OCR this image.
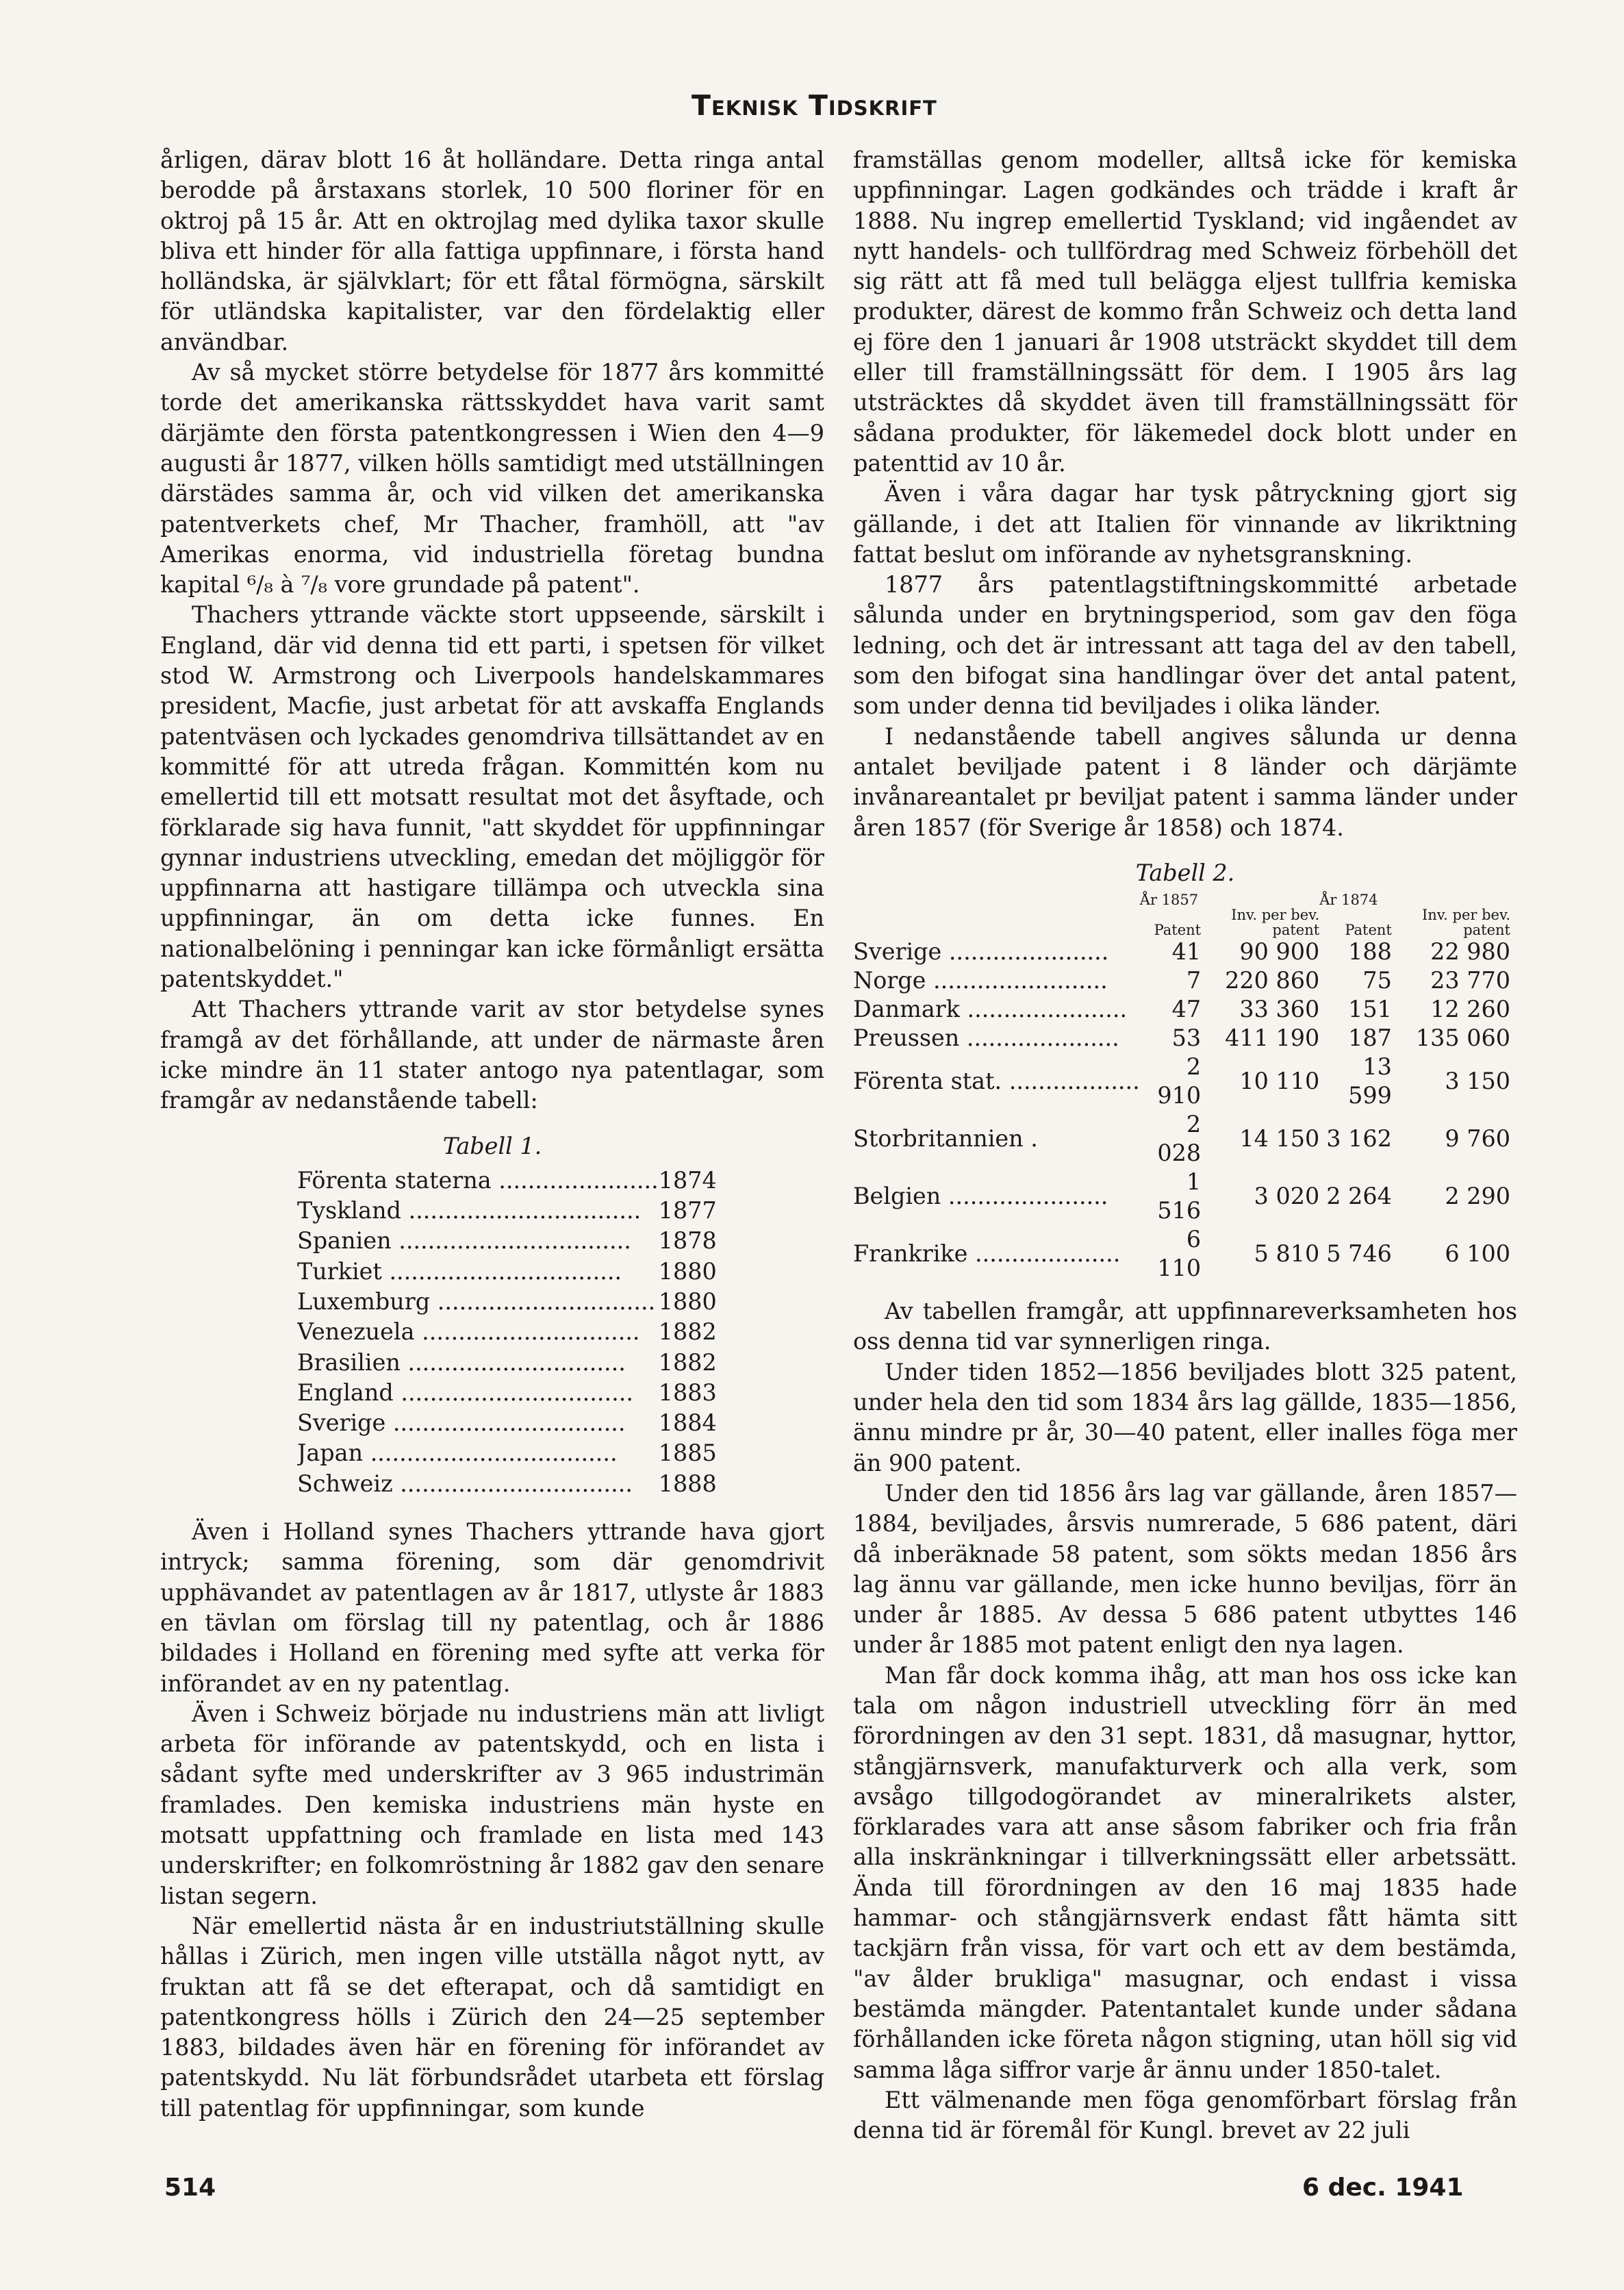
Teknisk Tidskrift

årligen, därav blott 16 åt holländare. Detta ringa antal berodde på årstaxans storlek, 10 500 floriner för en oktroj på 15 år. Att en oktrojlag med dylika taxor skulle bliva ett hinder för alla fattiga uppfinnare, i första hand holländska, är självklart; för ett fåtal förmögna, särskilt för utländska kapitalister, var den fördelaktig eller användbar.

Av så mycket större betydelse för 1877 års kommitté torde det amerikanska rättsskyddet hava varit samt därjämte den första patentkongressen i Wien den 4—9 augusti år 1877, vilken hölls samtidigt med utställningen därstädes samma år, och vid vilken det amerikanska patentverkets chef, Mr Thacher, framhöll, att "av Amerikas enorma, vid industriella företag bundna kapital ⁶/₈ à ⁷/₈ vore grundade på patent".

Thachers yttrande väckte stort uppseende, särskilt i England, där vid denna tid ett parti, i spetsen för vilket stod W. Armstrong och Liverpools handelskammares president, Macfie, just arbetat för att avskaffa Englands patentväsen och lyckades genomdriva tillsättandet av en kommitté för att utreda frågan. Kommittén kom nu emellertid till ett motsatt resultat mot det åsyftade, och förklarade sig hava funnit, "att skyddet för uppfinningar gynnar industriens utveckling, emedan det möjliggör för uppfinnarna att hastigare tillämpa och utveckla sina uppfinningar, än om detta icke funnes. En nationalbelöning i penningar kan icke förmånligt ersätta patentskyddet."

Att Thachers yttrande varit av stor betydelse synes framgå av det förhållande, att under de närmaste åren icke mindre än 11 stater antogo nya patentlagar, som framgår av nedanstående tabell:

Tabell 1.
Förenta staterna ......................	1874
Tyskland ................................	1877
Spanien ................................	1878
Turkiet ................................	1880
Luxemburg ..............................	1880
Venezuela ..............................	1882
Brasilien ..............................	1882
England ................................	1883
Sverige ................................	1884
Japan ..................................	1885
Schweiz ................................	1888

Även i Holland synes Thachers yttrande hava gjort intryck; samma förening, som där genomdrivit upphävandet av patentlagen av år 1817, utlyste år 1883 en tävlan om förslag till ny patentlag, och år 1886 bildades i Holland en förening med syfte att verka för införandet av en ny patentlag.

Även i Schweiz började nu industriens män att livligt arbeta för införande av patentskydd, och en lista i sådant syfte med underskrifter av 3 965 industrimän framlades. Den kemiska industriens män hyste en motsatt uppfattning och framlade en lista med 143 underskrifter; en folkomröstning år 1882 gav den senare listan segern.

När emellertid nästa år en industriutställning skulle hållas i Zürich, men ingen ville utställa något nytt, av fruktan att få se det efterapat, och då samtidigt en patentkongress hölls i Zürich den 24—25 september 1883, bildades även här en förening för införandet av patentskydd. Nu lät förbundsrådet utarbeta ett förslag till patentlag för uppfinningar, som kunde

framställas genom modeller, alltså icke för kemiska uppfinningar. Lagen godkändes och trädde i kraft år 1888. Nu ingrep emellertid Tyskland; vid ingåendet av nytt handels- och tullfördrag med Schweiz förbehöll det sig rätt att få med tull belägga eljest tullfria kemiska produkter, därest de kommo från Schweiz och detta land ej före den 1 januari år 1908 utsträckt skyddet till dem eller till framställningssätt för dem. I 1905 års lag utsträcktes då skyddet även till framställningssätt för sådana produkter, för läkemedel dock blott under en patenttid av 10 år.

Även i våra dagar har tysk påtryckning gjort sig gällande, i det att Italien för vinnande av likriktning fattat beslut om införande av nyhetsgranskning.

1877 års patentlagstiftningskommitté arbetade sålunda under en brytningsperiod, som gav den föga ledning, och det är intressant att taga del av den tabell, som den bifogat sina handlingar över det antal patent, som under denna tid beviljades i olika länder.

I nedanstående tabell angives sålunda ur denna antalet beviljade patent i 8 länder och därjämte invånareantalet pr beviljat patent i samma länder under åren 1857 (för Sverige år 1858) och 1874.

Tabell 2.
	År 1857		År 1874	
	Patent	Inv. per bev. patent	Patent	Inv. per bev. patent
Sverige ......................	41	90 900	188	22 980
Norge ........................	7	220 860	75	23 770
Danmark ......................	47	33 360	151	12 260
Preussen .....................	53	411 190	187	135 060
Förenta stat. ..................	2 910	10 110	13 599	3 150
Storbritannien .	2 028	14 150	3 162	9 760
Belgien ......................	1 516	3 020	2 264	2 290
Frankrike ....................	6 110	5 810	5 746	6 100

Av tabellen framgår, att uppfinnareverksamheten hos oss denna tid var synnerligen ringa.

Under tiden 1852—1856 beviljades blott 325 patent, under hela den tid som 1834 års lag gällde, 1835—1856, ännu mindre pr år, 30—40 patent, eller inalles föga mer än 900 patent.

Under den tid 1856 års lag var gällande, åren 1857—1884, beviljades, årsvis numrerade, 5 686 patent, däri då inberäknade 58 patent, som sökts medan 1856 års lag ännu var gällande, men icke hunno beviljas, förr än under år 1885. Av dessa 5 686 patent utbyttes 146 under år 1885 mot patent enligt den nya lagen.

Man får dock komma ihåg, att man hos oss icke kan tala om någon industriell utveckling förr än med förordningen av den 31 sept. 1831, då masugnar, hyttor, stångjärnsverk, manufakturverk och alla verk, som avsågo tillgodogörandet av mineralrikets alster, förklarades vara att anse såsom fabriker och fria från alla inskränkningar i tillverkningssätt eller arbetssätt. Ända till förordningen av den 16 maj 1835 hade hammar- och stångjärnsverk endast fått hämta sitt tackjärn från vissa, för vart och ett av dem bestämda, "av ålder brukliga" masugnar, och endast i vissa bestämda mängder. Patentantalet kunde under sådana förhållanden icke företa någon stigning, utan höll sig vid samma låga siffror varje år ännu under 1850-talet.

Ett välmenande men föga genomförbart förslag från denna tid är föremål för Kungl. brevet av 22 juli

514	6 dec. 1941
